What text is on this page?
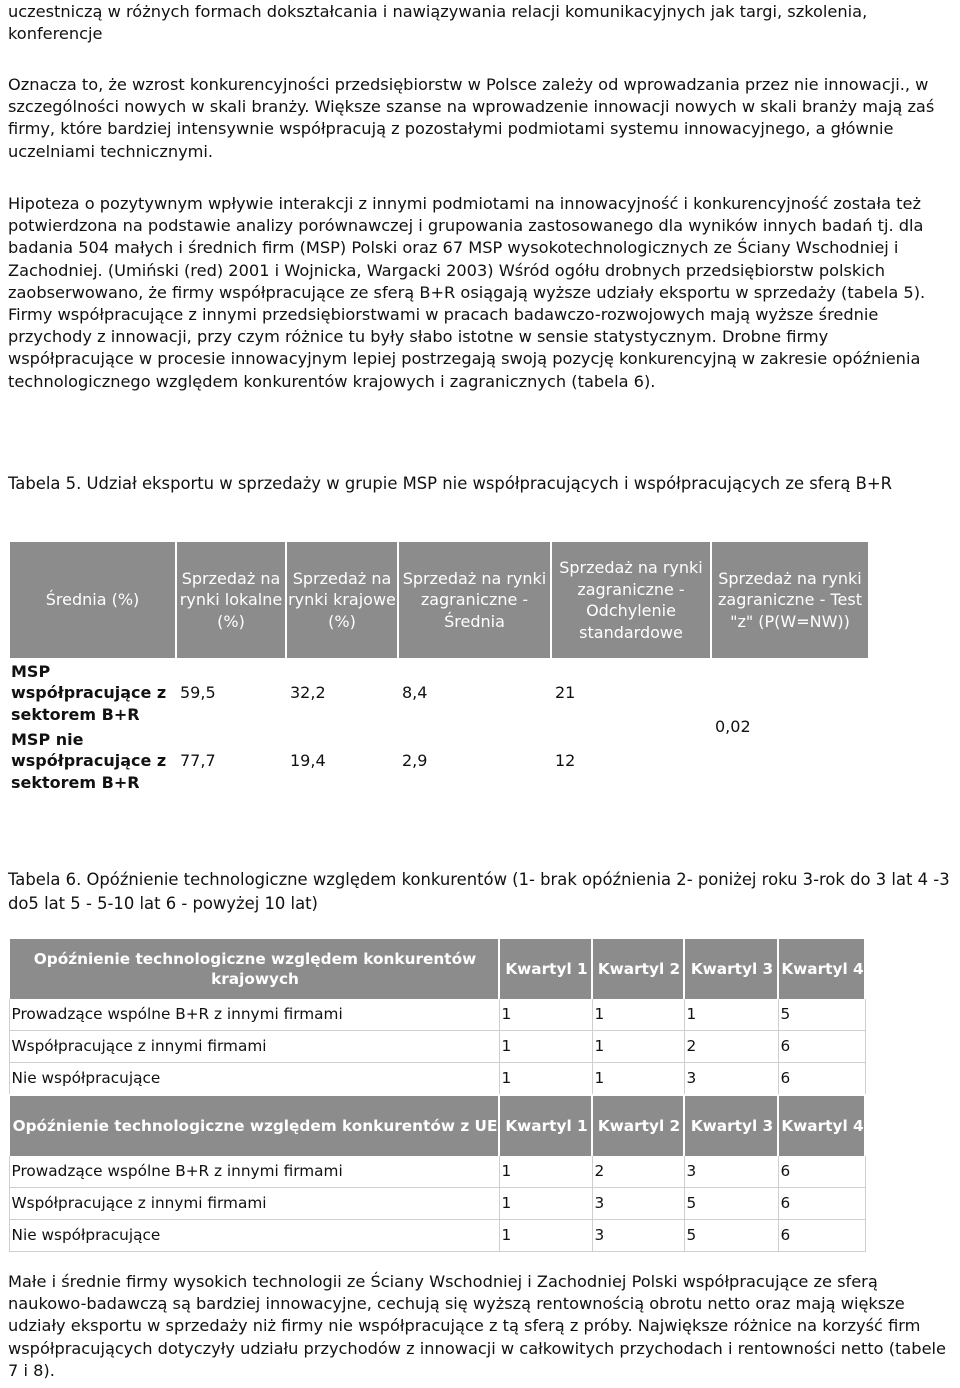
uczestniczą w różnych formach dokształcania i nawiązywania relacji komunikacyjnych jak targi, szkolenia, konferencje

Oznacza to, że wzrost konkurencyjności przedsiębiorstw w Polsce zależy od wprowadzania przez nie innowacji., w szczególności nowych w skali branży. Większe szanse na wprowadzenie innowacji nowych w skali branży mają zaś firmy, które bardziej intensywnie współpracują z pozostałymi podmiotami systemu innowacyjnego, a głównie uczelniami technicznymi.

Hipoteza o pozytywnym wpływie interakcji z innymi podmiotami na innowacyjność i konkurencyjność została też potwierdzona na podstawie analizy porównawczej i grupowania zastosowanego dla wyników innych badań tj. dla badania 504 małych i średnich firm (MSP) Polski oraz 67 MSP wysokotechnologicznych ze Ściany Wschodniej i Zachodniej. (Umiński (red) 2001 i Wojnicka, Wargacki 2003) Wśród ogółu drobnych przedsiębiorstw polskich zaobserwowano, że firmy współpracujące ze sferą B+R osiągają wyższe udziały eksportu w sprzedaży (tabela 5). Firmy współpracujące z innymi przedsiębiorstwami w pracach badawczo-rozwojowych mają wyższe średnie przychody z innowacji, przy czym różnice tu były słabo istotne w sensie statystycznym. Drobne firmy współpracujące w procesie innowacyjnym lepiej postrzegają swoją pozycję konkurencyjną w zakresie opóźnienia technologicznego względem konkurentów krajowych i zagranicznych (tabela 6).

Tabela 5. Udział eksportu w sprzedaży w grupie MSP nie współpracujących i współpracujących ze sferą B+R

Średnia (%)	Sprzedaż na rynki lokalne (%)	Sprzedaż na rynki krajowe (%)	Sprzedaż na rynki zagraniczne - Średnia	Sprzedaż na rynki zagraniczne - Odchylenie standardowe	Sprzedaż na rynki zagraniczne - Test "z" (P(W=NW))
MSP współpracujące z sektorem B+R	59,5	32,2	8,4	21	0,02
MSP nie współpracujące z sektorem B+R	77,7	19,4	2,9	12	

Tabela 6. Opóźnienie technologiczne względem konkurentów (1- brak opóźnienia 2- poniżej roku 3-rok do 3 lat 4 -3 do5 lat 5 - 5-10 lat 6 - powyżej 10 lat)

Opóźnienie technologiczne względem konkurentów krajowych	Kwartyl 1	Kwartyl 2	Kwartyl 3	Kwartyl 4
Prowadzące wspólne B+R z innymi firmami	1	1	1	5
Współpracujące z innymi firmami	1	1	2	6
Nie współpracujące	1	1	3	6
Opóźnienie technologiczne względem konkurentów z UE	Kwartyl 1	Kwartyl 2	Kwartyl 3	Kwartyl 4
Prowadzące wspólne B+R z innymi firmami	1	2	3	6
Współpracujące z innymi firmami	1	3	5	6
Nie współpracujące	1	3	5	6

Małe i średnie firmy wysokich technologii ze Ściany Wschodniej i Zachodniej Polski współpracujące ze sferą naukowo-badawczą są bardziej innowacyjne, cechują się wyższą rentownością obrotu netto oraz mają większe udziały eksportu w sprzedaży niż firmy nie współpracujące z tą sferą z próby. Największe różnice na korzyść firm współpracujących dotyczyły udziału przychodów z innowacji w całkowitych przychodach i rentowności netto (tabele 7 i 8).
